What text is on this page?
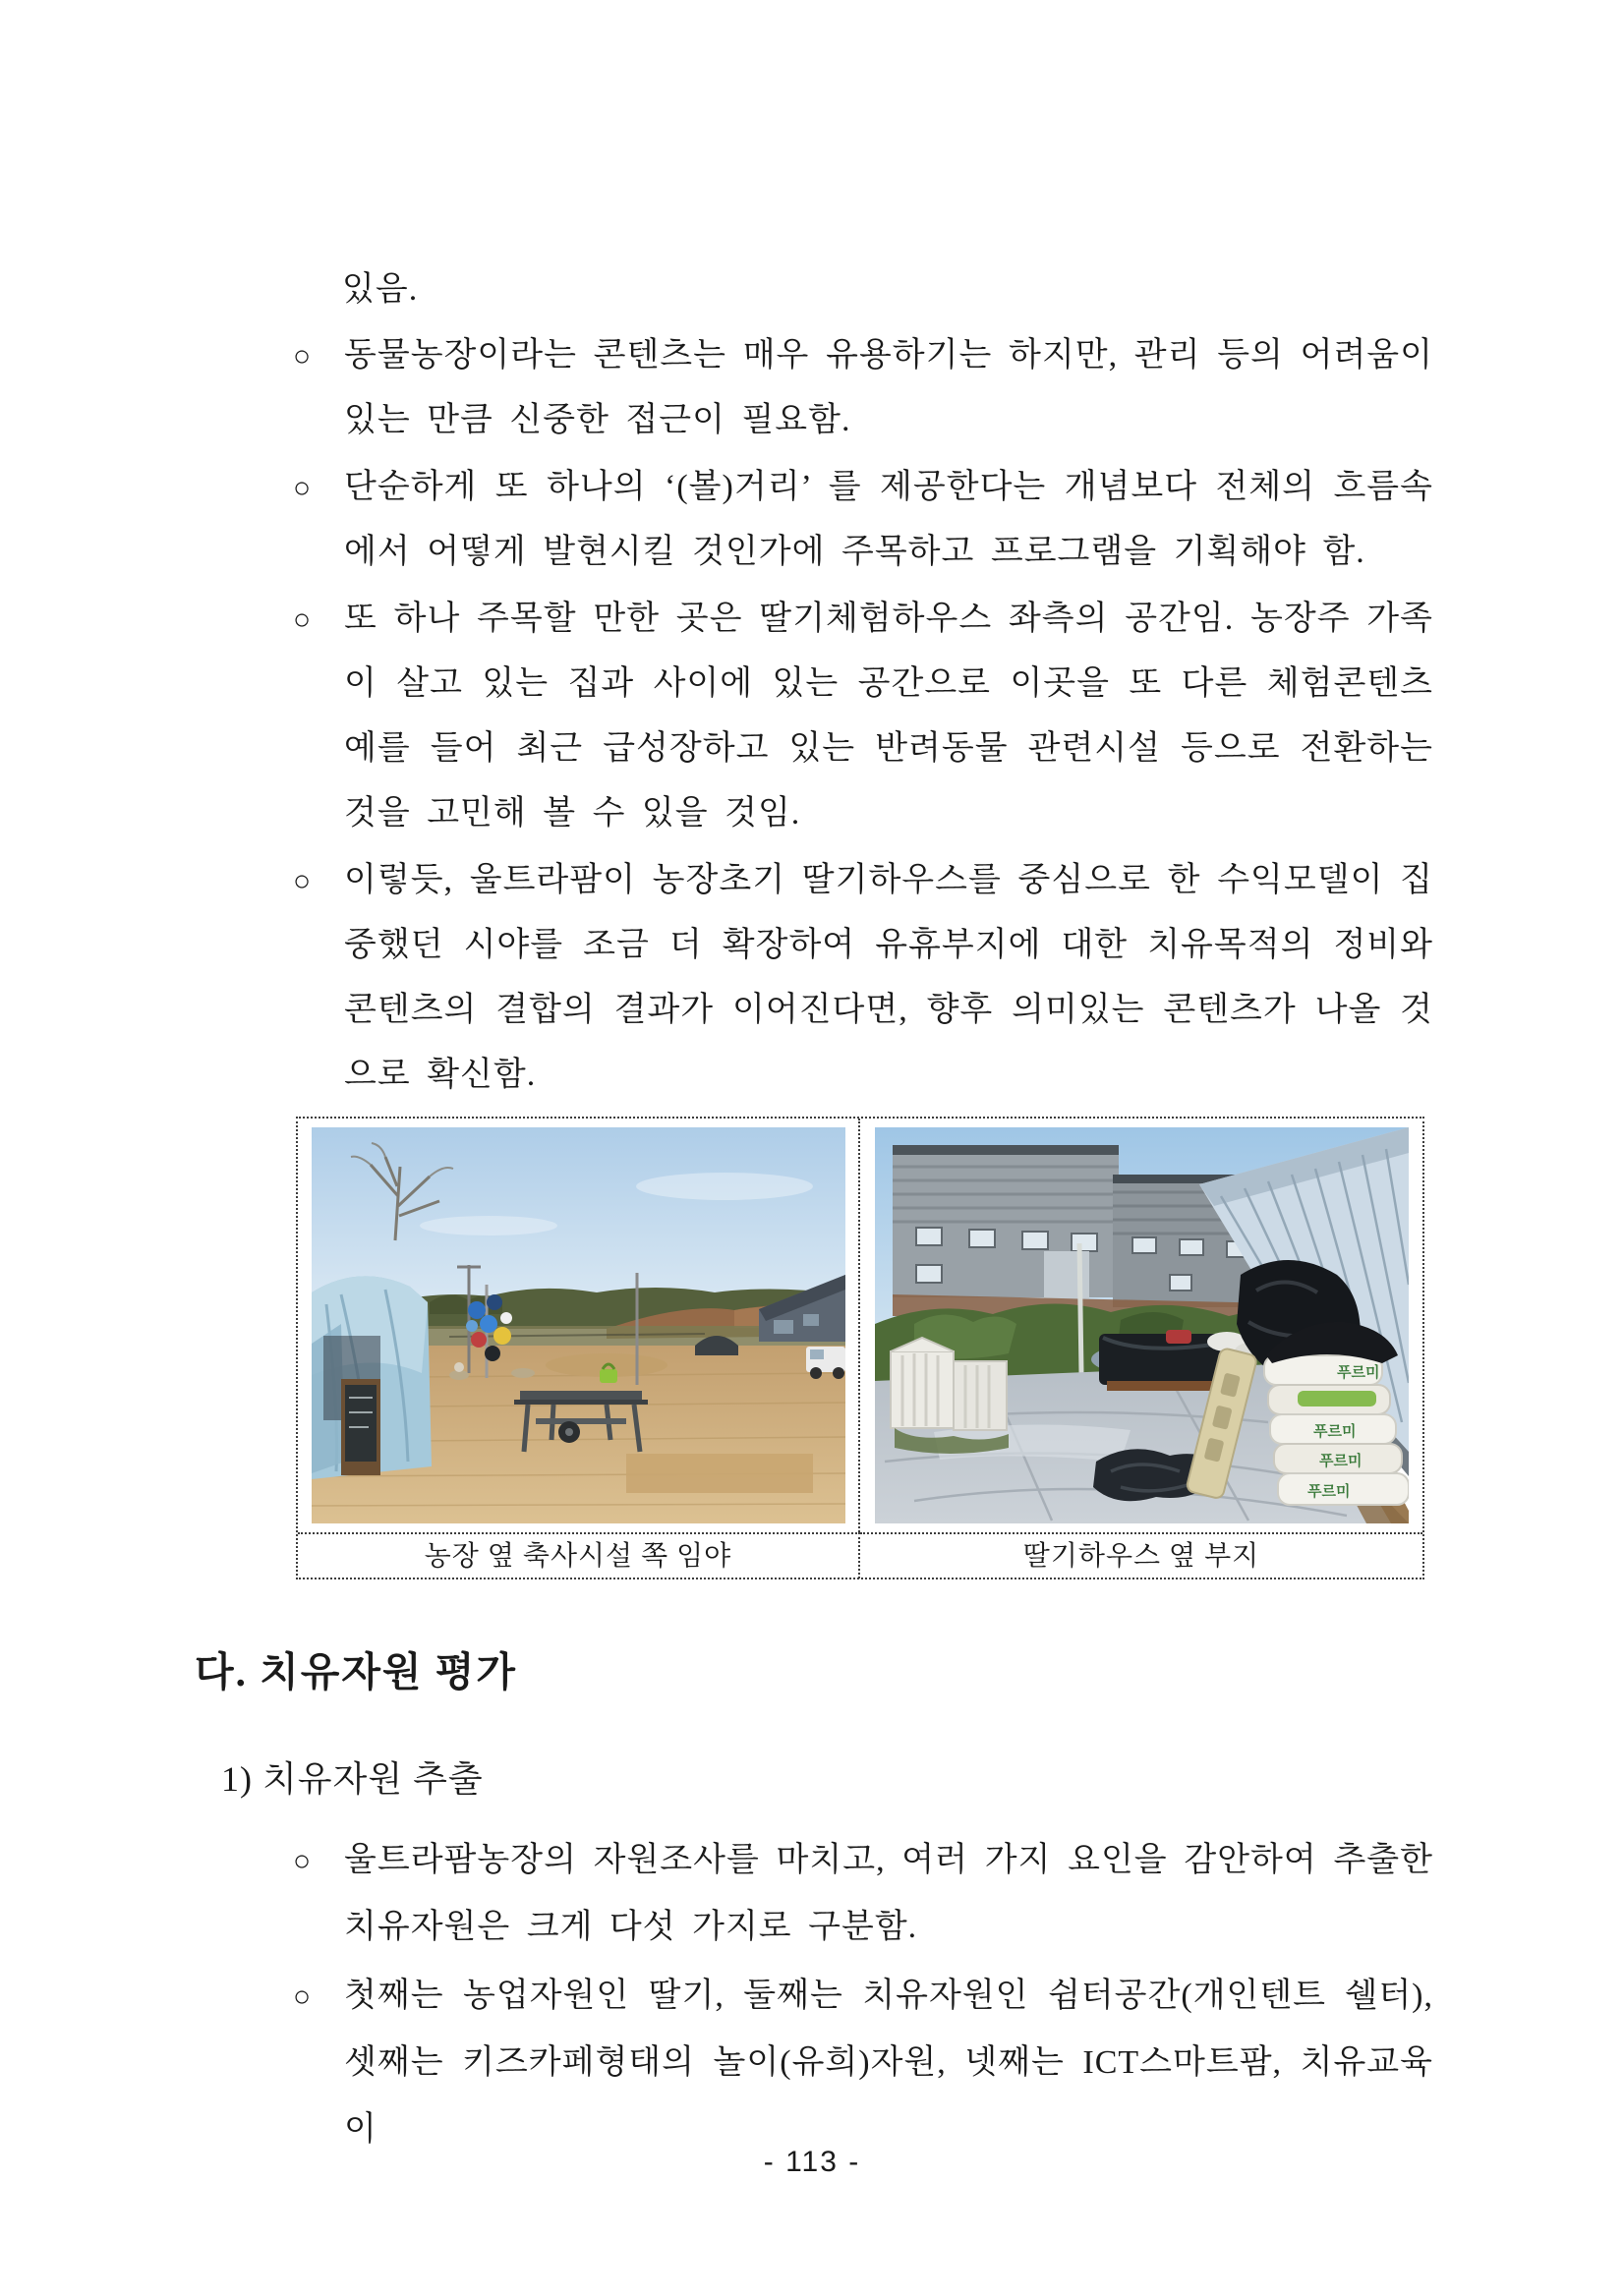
있음.
○ 동물농장이라는 콘텐츠는 매우 유용하기는 하지만, 관리 등의 어려움이 있는 만큼 신중한 접근이 필요함.
○ 단순하게 또 하나의 ‘(볼)거리’ 를 제공한다는 개념보다 전체의 흐름속에서 어떻게 발현시킬 것인가에 주목하고 프로그램을 기획해야 함.
○ 또 하나 주목할 만한 곳은 딸기체험하우스 좌측의 공간임. 농장주 가족이 살고 있는 집과 사이에 있는 공간으로 이곳을 또 다른 체험콘텐츠 예를 들어 최근 급성장하고 있는 반려동물 관련시설 등으로 전환하는 것을 고민해 볼 수 있을 것임.
○ 이렇듯, 울트라팜이 농장초기 딸기하우스를 중심으로 한 수익모델이 집중했던 시야를 조금 더 확장하여 유휴부지에 대한 치유목적의 정비와 콘텐츠의 결합의 결과가 이어진다면, 향후 의미있는 콘텐츠가 나올 것으로 확신함.
푸르미
푸르미
푸르미
푸르미
농장 옆 축사시설 쪽 임야	딸기하우스 옆 부지
다. 치유자원 평가
1) 치유자원 추출
○ 울트라팜농장의 자원조사를 마치고, 여러 가지 요인을 감안하여 추출한 치유자원은 크게 다섯 가지로 구분함.
○ 첫째는 농업자원인 딸기, 둘째는 치유자원인 쉼터공간(개인텐트 쉘터), 셋째는 키즈카페형태의 놀이(유희)자원, 넷째는 ICT스마트팜, 치유교육이
- 113 -
